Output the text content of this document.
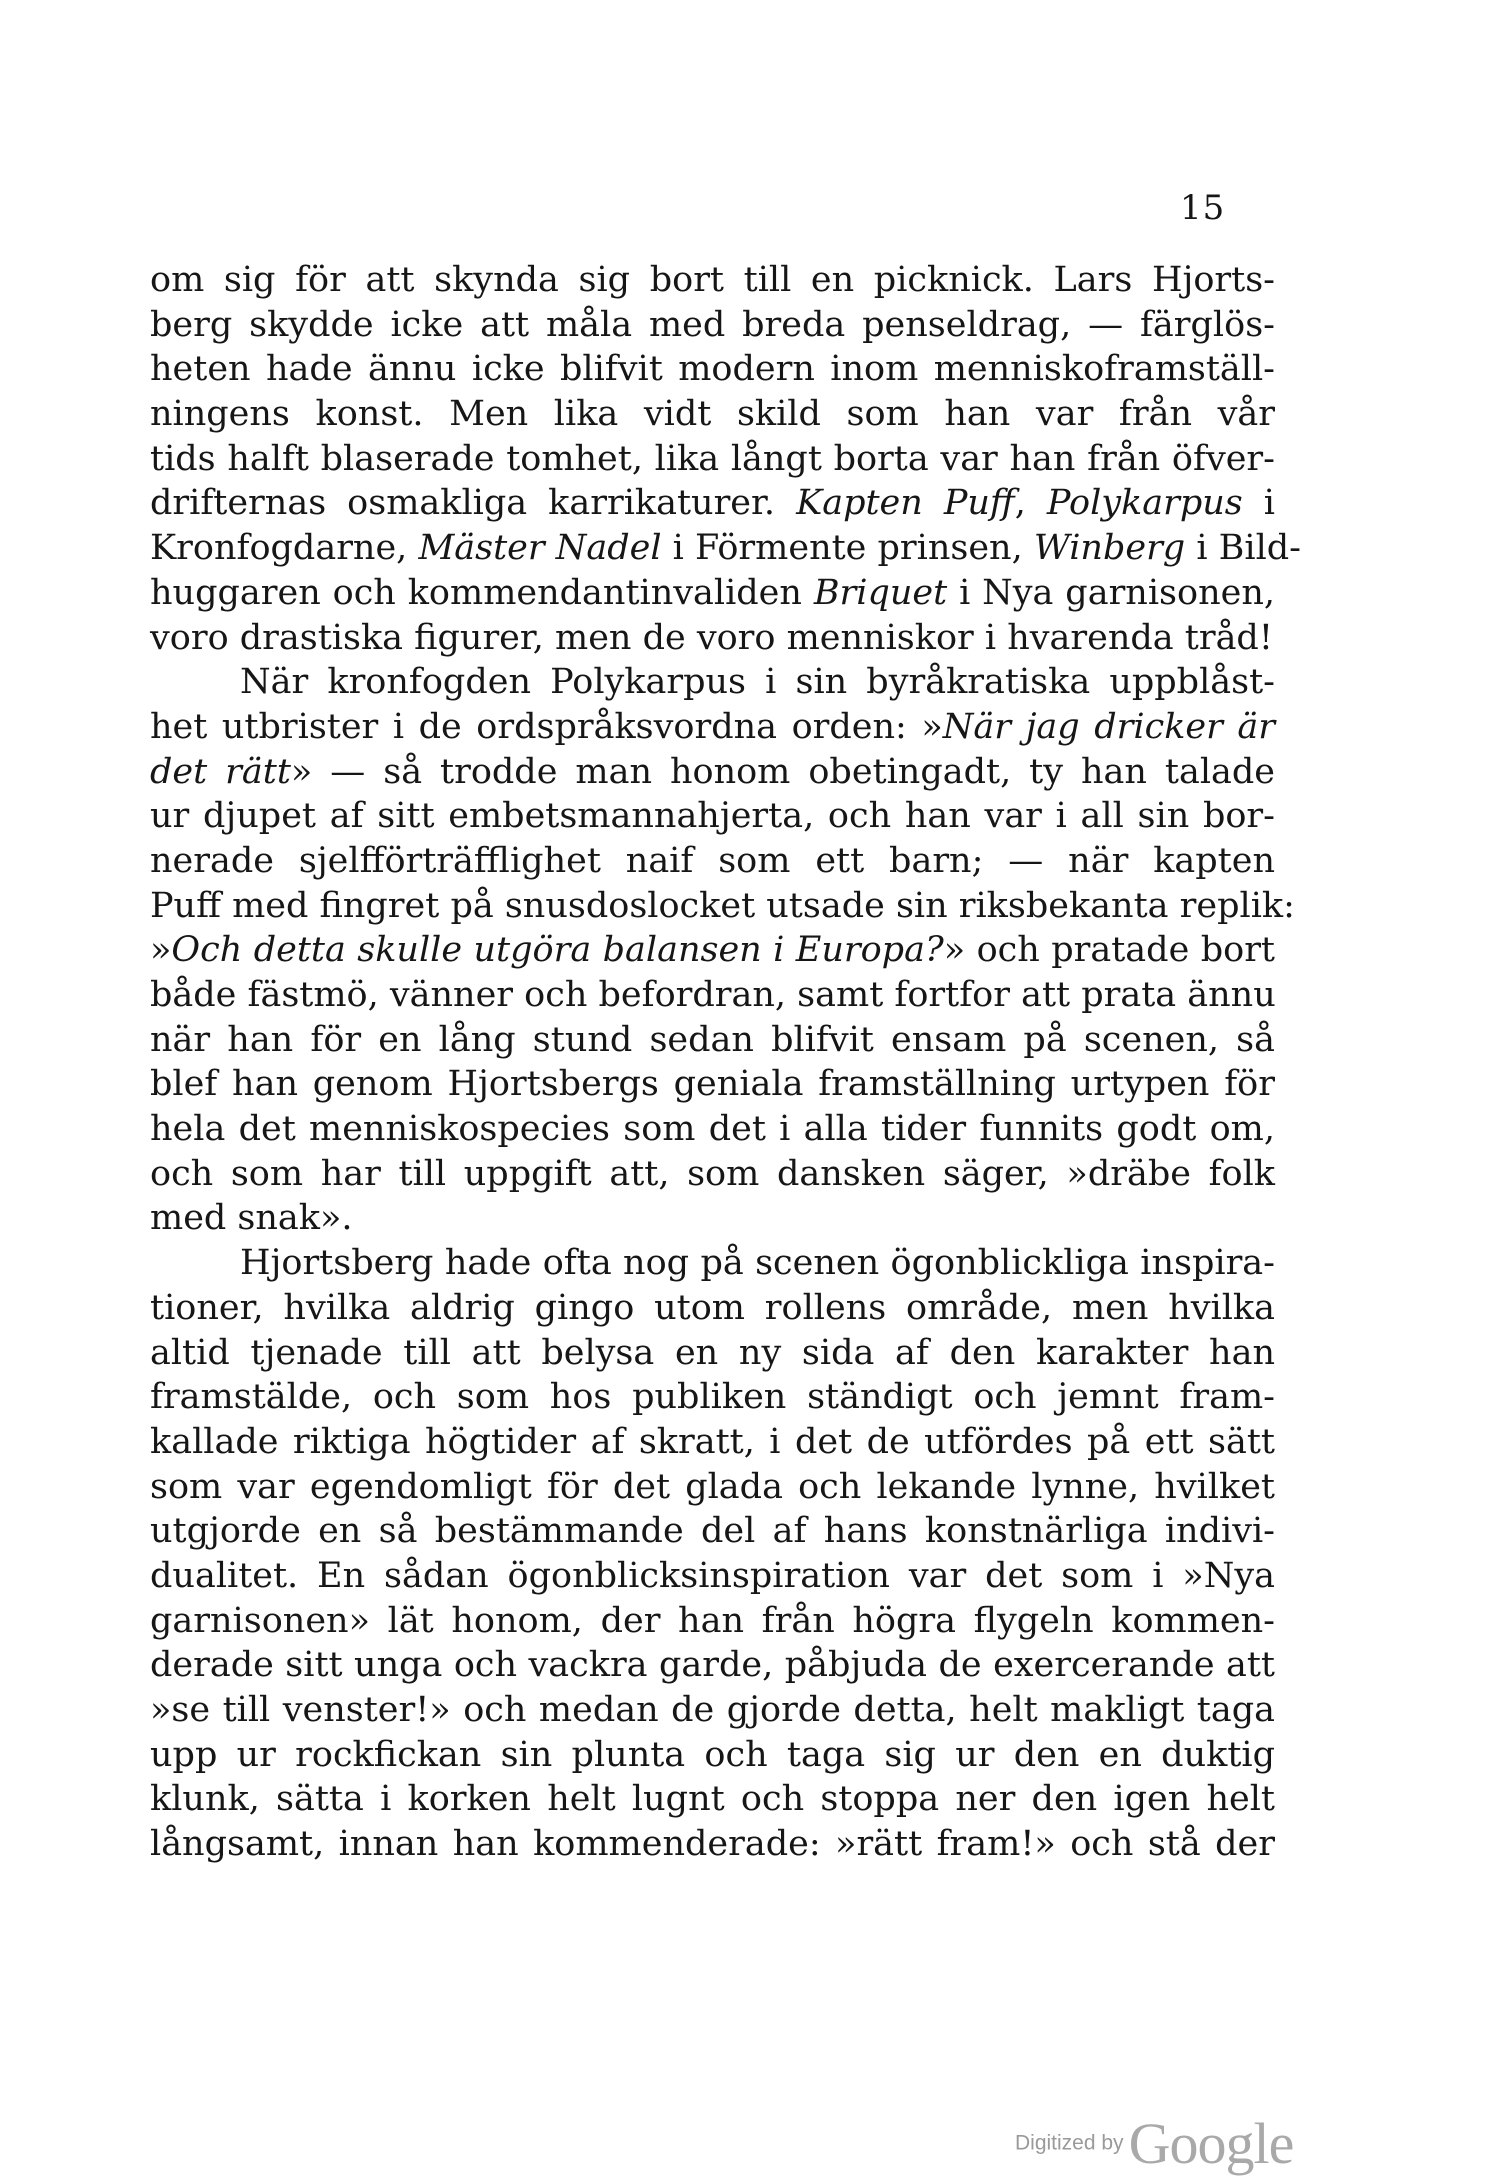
15
om sig för att skynda sig bort till en picknick. Lars Hjorts-
berg skydde icke att måla med breda penseldrag, — färglös-
heten hade ännu icke blifvit modern inom menniskoframställ-
ningens konst. Men lika vidt skild som han var från vår
tids halft blaserade tomhet, lika långt borta var han från öfver-
drifternas osmakliga karrikaturer. Kapten Puff, Polykarpus i
Kronfogdarne, Mäster Nadel i Förmente prinsen, Winberg i Bild-
huggaren och kommendantinvaliden Briquet i Nya garnisonen,
voro drastiska figurer, men de voro menniskor i hvarenda tråd!
När kronfogden Polykarpus i sin byråkratiska uppblåst-
het utbrister i de ordspråksvordna orden: »När jag dricker är
det rätt» — så trodde man honom obetingadt, ty han talade
ur djupet af sitt embetsmannahjerta, och han var i all sin bor-
nerade sjelfförträfflighet naif som ett barn; — när kapten
Puff med fingret på snusdoslocket utsade sin riksbekanta replik:
»Och detta skulle utgöra balansen i Europa?» och pratade bort
både fästmö, vänner och befordran, samt fortfor att prata ännu
när han för en lång stund sedan blifvit ensam på scenen, så
blef han genom Hjortsbergs geniala framställning urtypen för
hela det menniskospecies som det i alla tider funnits godt om,
och som har till uppgift att, som dansken säger, »dräbe folk
med snak».
Hjortsberg hade ofta nog på scenen ögonblickliga inspira-
tioner, hvilka aldrig gingo utom rollens område, men hvilka
altid tjenade till att belysa en ny sida af den karakter han
framstälde, och som hos publiken ständigt och jemnt fram-
kallade riktiga högtider af skratt, i det de utfördes på ett sätt
som var egendomligt för det glada och lekande lynne, hvilket
utgjorde en så bestämmande del af hans konstnärliga indivi-
dualitet. En sådan ögonblicksinspiration var det som i »Nya
garnisonen» lät honom, der han från högra flygeln kommen-
derade sitt unga och vackra garde, påbjuda de exercerande att
»se till venster!» och medan de gjorde detta, helt makligt taga
upp ur rockfickan sin plunta och taga sig ur den en duktig
klunk, sätta i korken helt lugnt och stoppa ner den igen helt
långsamt, innan han kommenderade: »rätt fram!» och stå der
Digitized by Google
